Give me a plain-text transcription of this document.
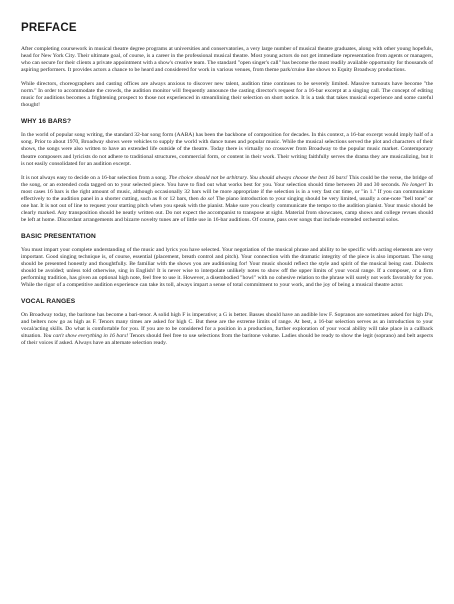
PREFACE

After completing coursework in musical theatre degree programs at universities and conservatories, a very large number of musical theatre graduates, along with other young hopefuls, head for New York City. Their ultimate goal, of course, is a career in the professional musical theatre. Most young actors do not get immediate representation from agents or managers, who can secure for their clients a private appointment with a show's creative team. The standard "open singer's call" has become the most readily available opportunity for thousands of aspiring performers. It provides actors a chance to be heard and considered for work in various venues, from theme park/cruise line shows to Equity Broadway productions.

While directors, choreographers and casting offices are always anxious to discover new talent, audition time continues to be severely limited. Massive turnouts have become "the norm." In order to accommodate the crowds, the audition monitor will frequently announce the casting director's request for a 16-bar excerpt at a singing call. The concept of editing music for auditions becomes a frightening prospect to those not experienced in streamlining their selection on short notice. It is a task that takes musical experience and some careful thought!

WHY 16 BARS?

In the world of popular song writing, the standard 32-bar song form (AABA) has been the backbone of composition for decades. In this context, a 16-bar excerpt would imply half of a song. Prior to about 1970, Broadway shows were vehicles to supply the world with dance tunes and popular music. While the musical selections served the plot and characters of their shows, the songs were also written to have an extended life outside of the theatre. Today there is virtually no crossover from Broadway to the popular music market. Contemporary theatre composers and lyricists do not adhere to traditional structures, commercial form, or content in their work. Their writing faithfully serves the drama they are musicalizing, but it is not easily consolidated for an audition excerpt.

It is not always easy to decide on a 16-bar selection from a song. The choice should not be arbitrary. You should always choose the best 16 bars! This could be the verse, the bridge of the song, or an extended coda tagged on to your selected piece. You have to find out what works best for you. Your selection should time between 20 and 30 seconds. No longer! In most cases 16 bars is the right amount of music, although occasionally 32 bars will be more appropriate if the selection is in a very fast cut time, or "in 1." If you can communicate effectively to the audition panel in a shorter cutting, such as 8 or 12 bars, then do so! The piano introduction to your singing should be very limited, usually a one-note "bell tone" or one bar. It is not out of line to request your starting pitch when you speak with the pianist. Make sure you clearly communicate the tempo to the audition pianist. Your music should be clearly marked. Any transposition should be neatly written out. Do not expect the accompanist to transpose at sight. Material from showcases, camp shows and college revues should be left at home. Discordant arrangements and bizarre novelty tunes are of little use in 16-bar auditions. Of course, pass over songs that include extended orchestral solos.

BASIC PRESENTATION

You must impart your complete understanding of the music and lyrics you have selected. Your negotiation of the musical phrase and ability to be specific with acting elements are very important. Good singing technique is, of course, essential (placement, breath control and pitch). Your connection with the dramatic integrity of the piece is also important. The song should be presented honestly and thoughtfully. Be familiar with the shows you are auditioning for! Your music should reflect the style and spirit of the musical being cast. Dialects should be avoided; unless told otherwise, sing in English! It is never wise to interpolate unlikely notes to show off the upper limits of your vocal range. If a composer, or a firm performing tradition, has given an optional high note, feel free to use it. However, a disembodied "howl" with no cohesive relation to the phrase will surely not work favorably for you. While the rigor of a competitive audition experience can take its toll, always impart a sense of total commitment to your work, and the joy of being a musical theatre actor.

VOCAL RANGES

On Broadway today, the baritone has become a bari-tenor. A solid high F is imperative; a G is better. Basses should have an audible low F. Sopranos are sometimes asked for high D's, and belters now go as high as F. Tenors many times are asked for high C. But these are the extreme limits of range. At best, a 16-bar selection serves as an introduction to your vocal/acting skills. Do what is comfortable for you. If you are to be considered for a position in a production, further exploration of your vocal ability will take place in a callback situation. You can't show everything in 16 bars! Tenors should feel free to use selections from the baritone volume. Ladies should be ready to show the legit (soprano) and belt aspects of their voices if asked. Always have an alternate selection ready.
